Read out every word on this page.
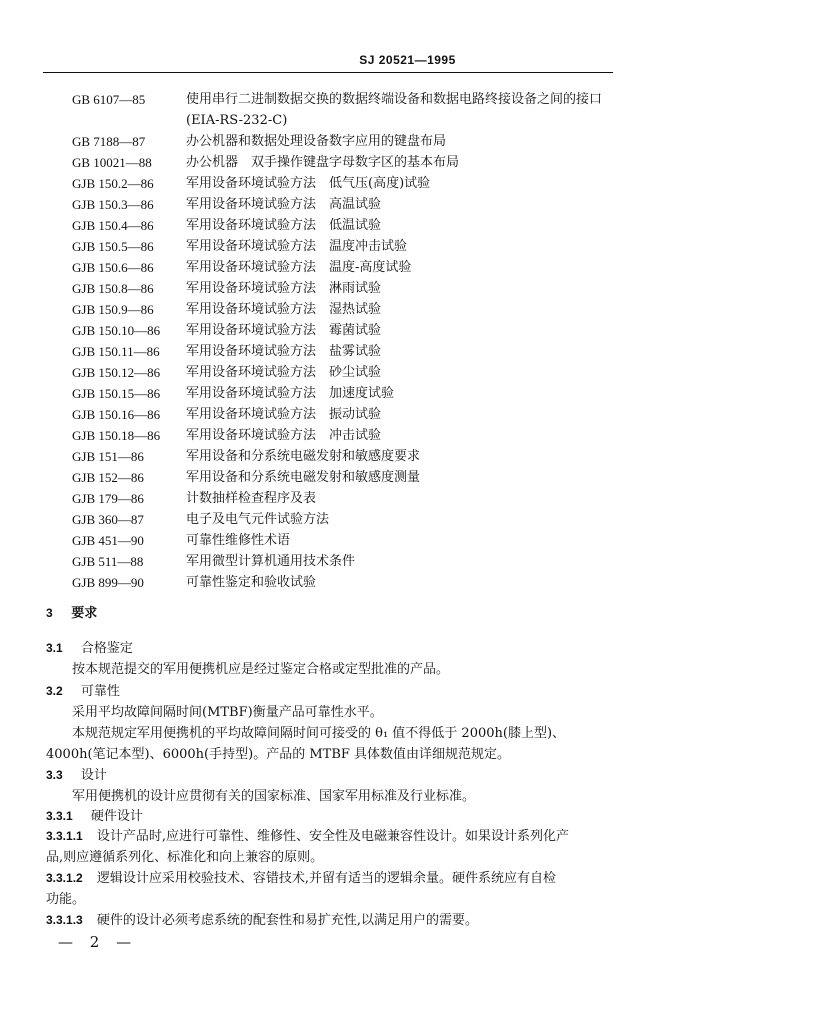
SJ 20521—1995
GB 6107—85	使用串行二进制数据交换的数据终端设备和数据电路终接设备之间的接口(EIA-RS-232-C)
GB 7188—87	办公机器和数据处理设备数字应用的键盘布局
GB 10021—88	办公机器　双手操作键盘字母数字区的基本布局
GJB 150.2—86 军用设备环境试验方法　低气压(高度)试验
GJB 150.3—86 军用设备环境试验方法　高温试验
GJB 150.4—86 军用设备环境试验方法　低温试验
GJB 150.5—86 军用设备环境试验方法　温度冲击试验
GJB 150.6—86 军用设备环境试验方法　温度-高度试验
GJB 150.8—86 军用设备环境试验方法　淋雨试验
GJB 150.9—86 军用设备环境试验方法　湿热试验
GJB 150.10—86 军用设备环境试验方法　霉菌试验
GJB 150.11—86 军用设备环境试验方法　盐雾试验
GJB 150.12—86 军用设备环境试验方法　砂尘试验
GJB 150.15—86 军用设备环境试验方法　加速度试验
GJB 150.16—86 军用设备环境试验方法　振动试验
GJB 150.18—86 军用设备环境试验方法　冲击试验
GJB 151—86	军用设备和分系统电磁发射和敏感度要求
GJB 152—86	军用设备和分系统电磁发射和敏感度测量
GJB 179—86	计数抽样检查程序及表
GJB 360—87	电子及电气元件试验方法
GJB 451—90	可靠性维修性术语
GJB 511—88	军用微型计算机通用技术条件
GJB 899—90	可靠性鉴定和验收试验
3 要求
3.1 合格鉴定
按本规范提交的军用便携机应是经过鉴定合格或定型批准的产品。
3.2 可靠性
采用平均故障间隔时间(MTBF)衡量产品可靠性水平。
本规范规定军用便携机的平均故障间隔时间可接受的 θ₁ 值不得低于 2000h(膝上型)、
4000h(笔记本型)、6000h(手持型)。产品的 MTBF 具体数值由详细规范规定。
3.3 设计
军用便携机的设计应贯彻有关的国家标准、国家军用标准及行业标准。
3.3.1 硬件设计
3.3.1.1 设计产品时,应进行可靠性、维修性、安全性及电磁兼容性设计。如果设计系列化产
品,则应遵循系列化、标准化和向上兼容的原则。
3.3.1.2 逻辑设计应采用校验技术、容错技术,并留有适当的逻辑余量。硬件系统应有自检
功能。
3.3.1.3 硬件的设计必须考虑系统的配套性和易扩充性,以满足用户的需要。
— 2 —
